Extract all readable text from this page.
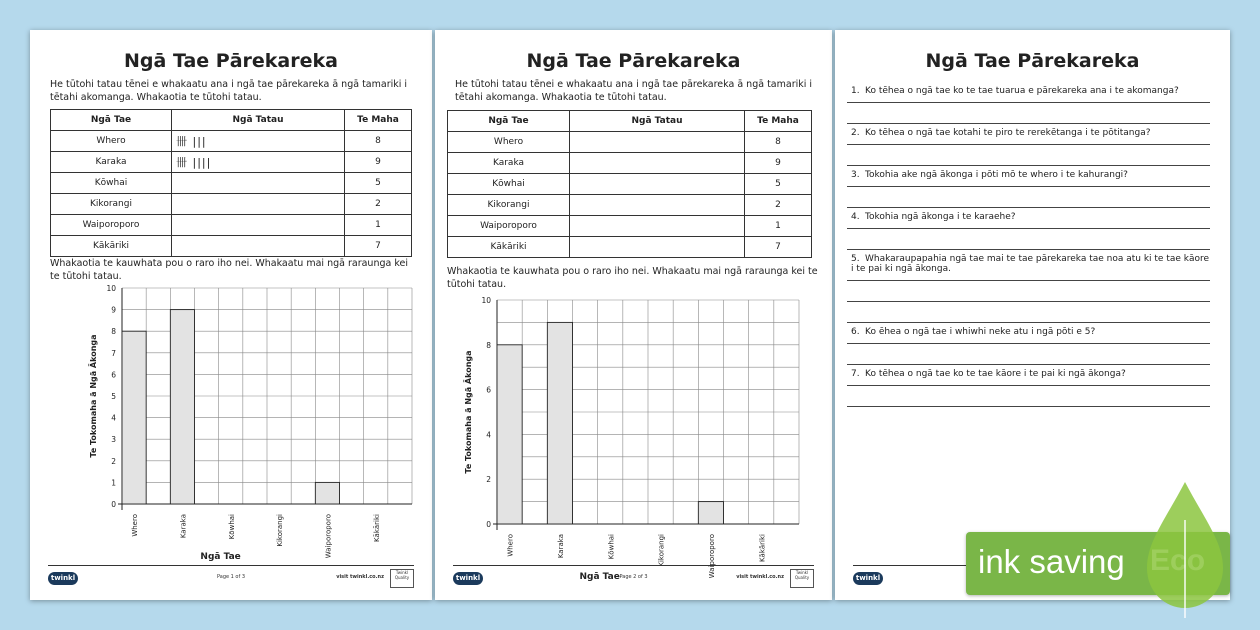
Ngā Tae Pārekareka
He tūtohi tatau tēnei e whakaatu ana i ngā tae pārekareka ā ngā tamariki i tētahi akomanga. Whakaotia te tūtohi tatau.
Ngā Tae	Ngā Tatau	Te Maha
Whero	卌 |||	8
Karaka	卌 ||||	9
Kōwhai		5
Kikorangi		2
Waiporoporo		1
Kākāriki		7
Whakaotia te kauwhata pou o raro iho nei. Whakaatu mai ngā raraunga kei te tūtohi tatau.
0
1
2
3
4
5
6
7
8
9
10
Whero	Karaka	Kōwhai	Kikorangi	Waiporoporo	Kākāriki
Ngā Tae
Te Tokomaha ā Ngā Ākonga
twinkl	Page 1 of 3	visit twinkl.co.nz
Twinkl Quality
Ngā Tae Pārekareka
He tūtohi tatau tēnei e whakaatu ana i ngā tae pārekareka ā ngā tamariki i tētahi akomanga. Whakaotia te tūtohi tatau.
Ngā Tae	Ngā Tatau	Te Maha
Whero		8
Karaka		9
Kōwhai		5
Kikorangi		2
Waiporoporo		1
Kākāriki		7
Whakaotia te kauwhata pou o raro iho nei. Whakaatu mai ngā raraunga kei te tūtohi tatau.
0
2
4
6
8
10
Whero	Karaka	Kōwhai	Kikorangi	Waiporoporo	Kākāriki
Ngā Tae
Te Tokomaha ā Ngā Ākonga
twinkl	Page 2 of 3	visit twinkl.co.nz
Twinkl Quality
Ngā Tae Pārekareka
1. Ko tēhea o ngā tae ko te tae tuarua e pārekareka ana i te akomanga?
2. Ko tēhea o ngā tae kotahi te piro te rerekētanga i te pōtitanga?
3. Tokohia ake ngā ākonga i pōti mō te whero i te kahurangi?
4. Tokohia ngā ākonga i te karaehe?
5. Whakaraupapahia ngā tae mai te tae pārekareka tae noa atu ki te tae kāore i te pai ki ngā ākonga.
6. Ko ēhea o ngā tae i whiwhi neke atu i ngā pōti e 5?
7. Ko tēhea o ngā tae ko te tae kāore i te pai ki ngā ākonga?
twinkl	ink saving
